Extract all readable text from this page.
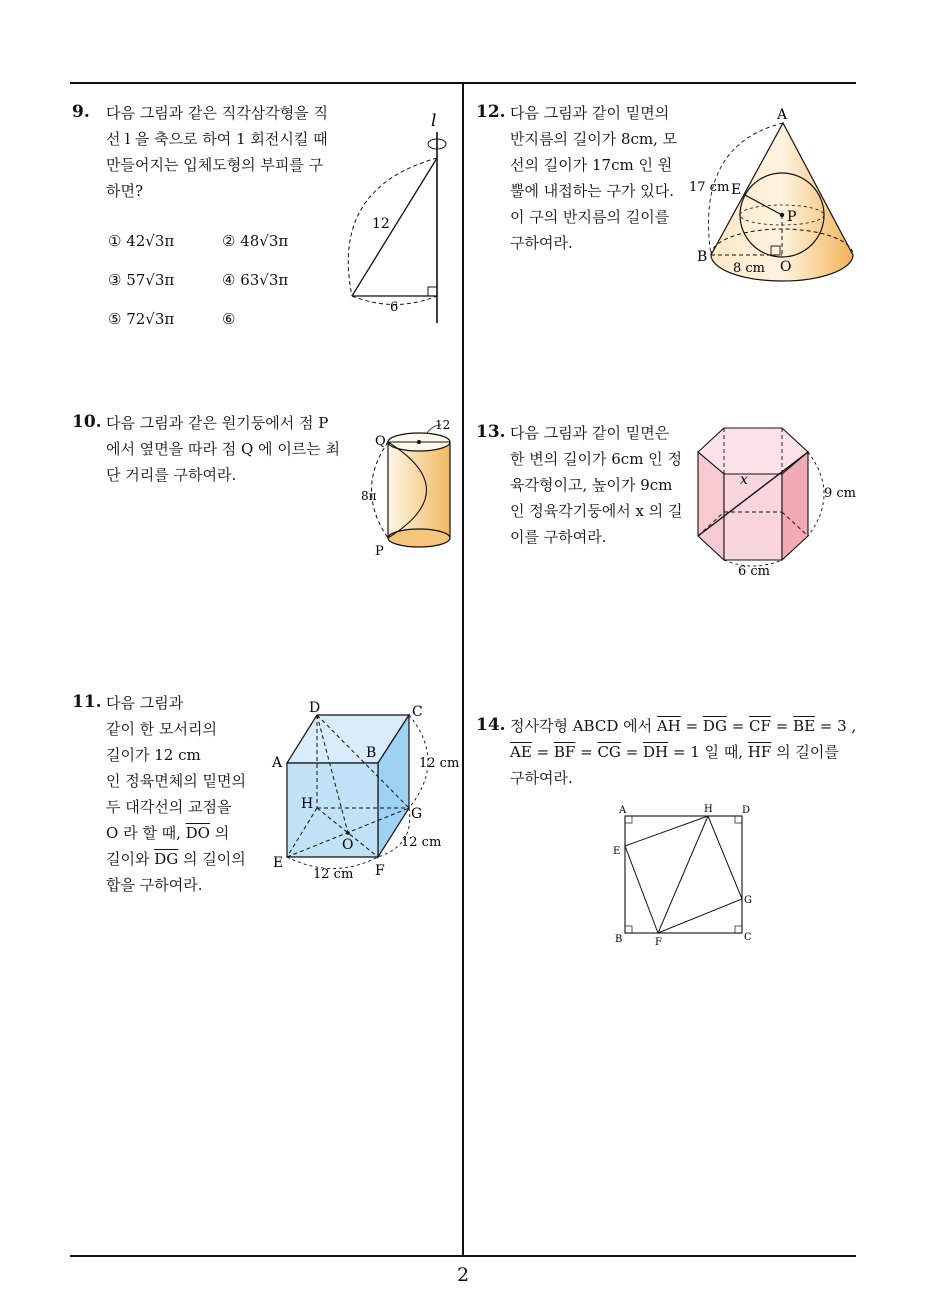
2
9. 다음 그림과 같은 직각삼각형을 직
선 l 을 축으로 하여 1 회전시킬 때
만들어지는 입체도형의 부피를 구
하면?
① 42√3π	② 48√3π
③ 57√3π	④ 63√3π
⑤ 72√3π	⑥
l
12
6
10. 다음 그림과 같은 원기둥에서 점 P
에서 옆면을 따라 점 Q 에 이르는 최
단 거리를 구하여라.
12
Q
P
8π
11. 다음 그림과
같이 한 모서리의
길이가 12 cm
인 정육면체의 밑면의
두 대각선의 교점을
O 라 할 때, $\overline{DO}$ 의
길이와 $\overline{DG}$ 의 길이의
합을 구하여라.
D	C
A
B
H
G
O
E	F
12 cm
12 cm
12 cm
12. 다음 그림과 같이 밑면의
반지름의 길이가 8cm, 모
선의 길이가 17cm 인 원
뿔에 내접하는 구가 있다.
이 구의 반지름의 길이를
구하여라.
A
E
P
B
O
17 cm
8 cm
13. 다음 그림과 같이 밑면은
한 변의 길이가 6cm 인 정
육각형이고, 높이가 9cm
인 정육각기둥에서 x 의 길
이를 구하여라.
x
9 cm
6 cm
14. 정사각형 ABCD 에서 $\overline{AH} = \overline{DG} = \overline{CF} = \overline{BE} = 3$ ,
$\overline{AE} = \overline{BF} = \overline{CG} = \overline{DH} = 1$ 일 때, $\overline{HF}$ 의 길이를
구하여라.
A	H	D
E
G
B	F	C
